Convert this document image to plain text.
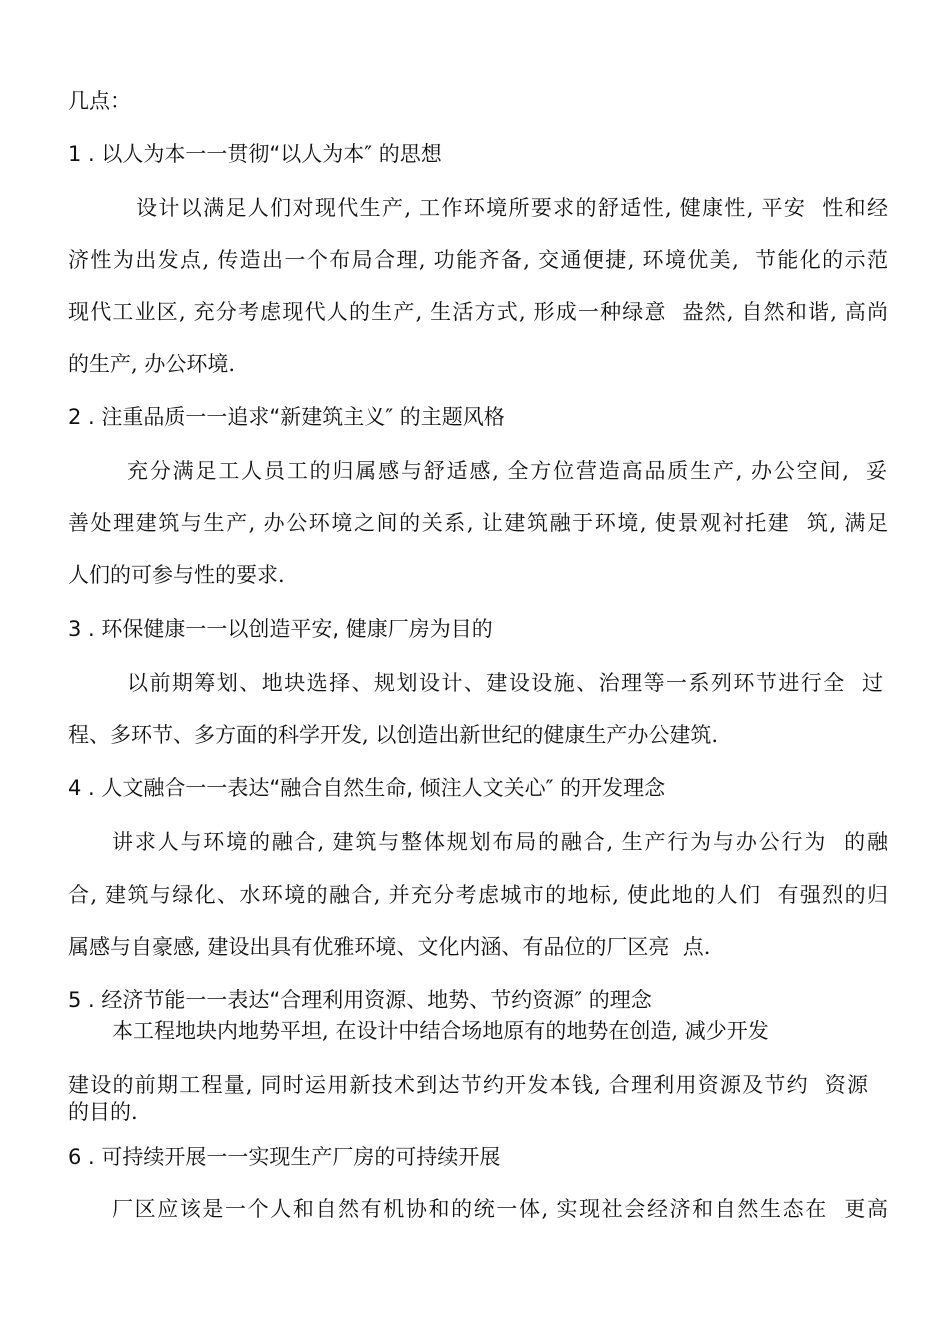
几点：

1 . 以人为本一一贯彻“以人为本″ 的思想

设计以满足人们对现代生产, 工作环境所要求的舒适性, 健康性, 平安  性和经

济性为出发点, 传造出一个布局合理, 功能齐备, 交通便捷, 环境优美,  节能化的示范

现代工业区, 充分考虑现代人的生产, 生活方式, 形成一种绿意  盎然, 自然和谐, 高尚

的生产, 办公环境.

2 . 注重品质一一追求“新建筑主义″ 的主题风格

充分满足工人员工的归属感与舒适感, 全方位营造高品质生产, 办公空间,  妥

善处理建筑与生产, 办公环境之间的关系, 让建筑融于环境, 使景观衬托建  筑, 满足

人们的可参与性的要求.

3 . 环保健康一一以创造平安, 健康厂房为目的

以前期筹划、地块选择、规划设计、建设设施、治理等一系列环节进行全  过

程、多环节、多方面的科学开发, 以创造出新世纪的健康生产办公建筑.

4 . 人文融合一一表达“融合自然生命, 倾注人文关心″ 的开发理念

讲求人与环境的融合, 建筑与整体规划布局的融合, 生产行为与办公行为  的融

合, 建筑与绿化、水环境的融合, 并充分考虑城市的地标, 使此地的人们  有强烈的归

属感与自豪感, 建设出具有优雅环境、文化内涵、有品位的厂区亮  点.

5 . 经济节能一一表达“合理利用资源、地势、节约资源″ 的理念

本工程地块内地势平坦, 在设计中结合场地原有的地势在创造, 减少开发

建设的前期工程量, 同时运用新技术到达节约开发本钱, 合理利用资源及节约  资源

的目的.

6 . 可持续开展一一实现生产厂房的可持续开展

厂区应该是一个人和自然有机协和的统一体, 实现社会经济和自然生态在  更高
